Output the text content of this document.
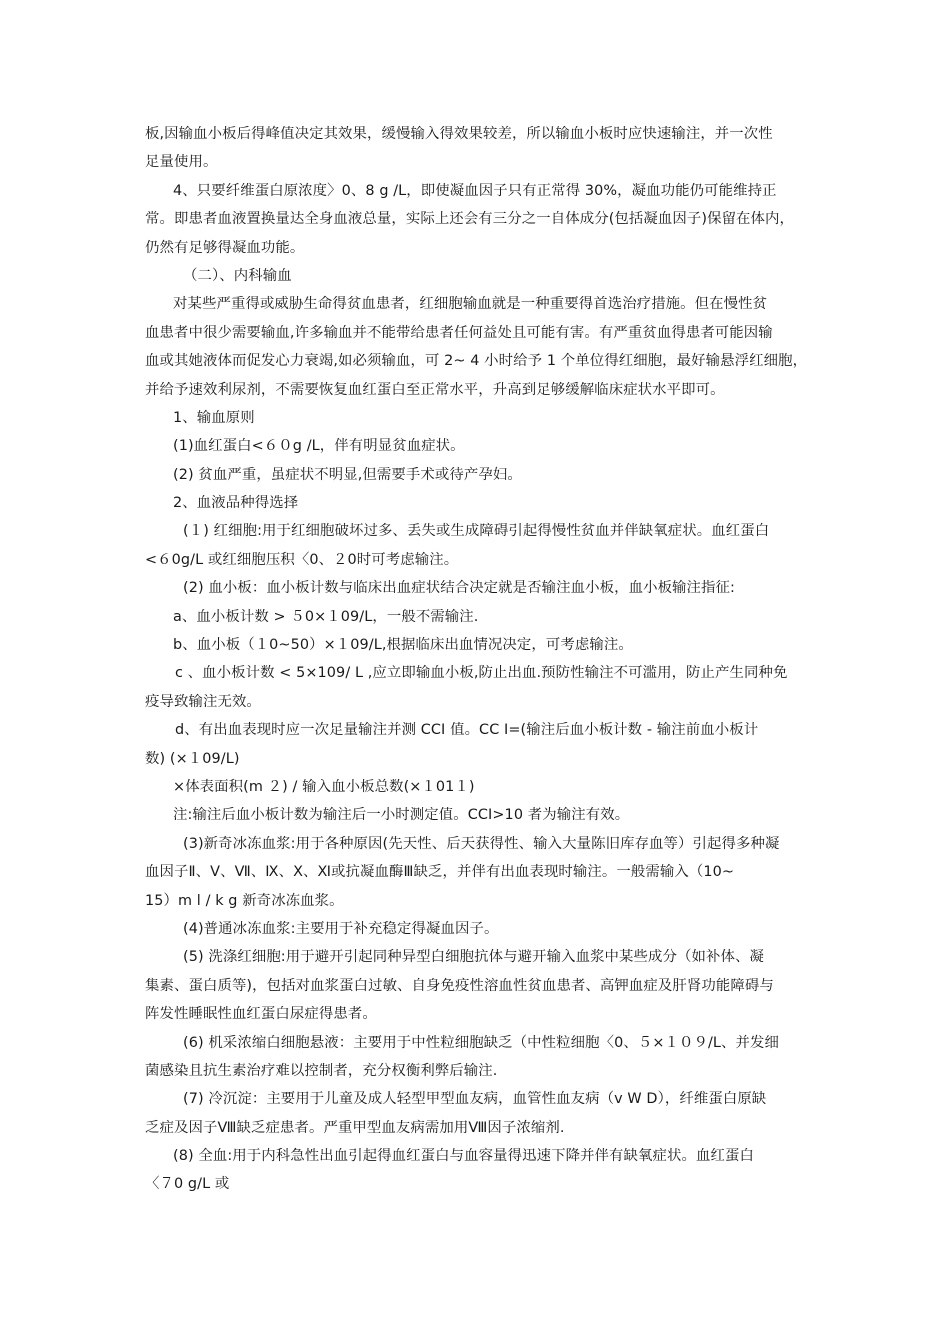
板,因输血小板后得峰值决定其效果，缓慢输入得效果较差，所以输血小板时应快速输注，并一次性
足量使用。
4、只要纤维蛋白原浓度〉0、8 g /L，即使凝血因子只有正常得 30%，凝血功能仍可能维持正
常。即患者血液置换量达全身血液总量，实际上还会有三分之一自体成分(包括凝血因子)保留在体内，
仍然有足够得凝血功能。
（二）、内科输血
对某些严重得或威胁生命得贫血患者，红细胞输血就是一种重要得首选治疗措施。但在慢性贫
血患者中很少需要输血,许多输血并不能带给患者任何益处且可能有害。有严重贫血得患者可能因输
血或其她液体而促发心力衰竭,如必须输血，可 2~ 4 小时给予 1 个单位得红细胞，最好输悬浮红细胞，
并给予速效利尿剂，不需要恢复血红蛋白至正常水平，升高到足够缓解临床症状水平即可。
1、输血原则
(1)血红蛋白<６０g /L，伴有明显贫血症状。
(2) 贫血严重，虽症状不明显,但需要手术或待产孕妇。
2、血液品种得选择
(１) 红细胞:用于红细胞破坏过多、丢失或生成障碍引起得慢性贫血并伴缺氧症状。血红蛋白
<６0g/L 或红细胞压积〈0、２0时可考虑输注。
(2) 血小板：血小板计数与临床出血症状结合决定就是否输注血小板，血小板输注指征:
a、血小板计数 > ５0×１09/L，一般不需输注.
b、血小板（１0~50）×１09/L,根据临床出血情况决定，可考虑输注。
c 、血小板计数 < 5×109/ L ,应立即输血小板,防止出血.预防性输注不可滥用，防止产生同种免
疫导致输注无效。
d、有出血表现时应一次足量输注并测 CCI 值。CC Ⅰ=(输注后血小板计数 - 输注前血小板计
数) (×１09/L)
×体表面积(m ２) / 输入血小板总数(×１01１)
注:输注后血小板计数为输注后一小时测定值。CCI>10 者为输注有效。
(3)新奇冰冻血浆:用于各种原因(先天性、后天获得性、输入大量陈旧库存血等）引起得多种凝
血因子Ⅱ、Ⅴ、Ⅶ、Ⅸ、Ⅹ、Ⅺ或抗凝血酶Ⅲ缺乏，并伴有出血表现时输注。一般需输入（10~
15）m l / k g 新奇冰冻血浆。
(4)普通冰冻血浆:主要用于补充稳定得凝血因子。
(5) 洗涤红细胞:用于避开引起同种异型白细胞抗体与避开输入血浆中某些成分（如补体、凝
集素、蛋白质等)，包括对血浆蛋白过敏、自身免疫性溶血性贫血患者、高钾血症及肝肾功能障碍与
阵发性睡眠性血红蛋白尿症得患者。
(6) 机采浓缩白细胞悬液：主要用于中性粒细胞缺乏（中性粒细胞〈0、５×１０９/L、并发细
菌感染且抗生素治疗难以控制者，充分权衡利弊后输注.
(7) 冷沉淀：主要用于儿童及成人轻型甲型血友病，血管性血友病（v W D），纤维蛋白原缺
乏症及因子Ⅷ缺乏症患者。严重甲型血友病需加用Ⅷ因子浓缩剂.
(8) 全血:用于内科急性出血引起得血红蛋白与血容量得迅速下降并伴有缺氧症状。血红蛋白
〈７0 g/L 或
